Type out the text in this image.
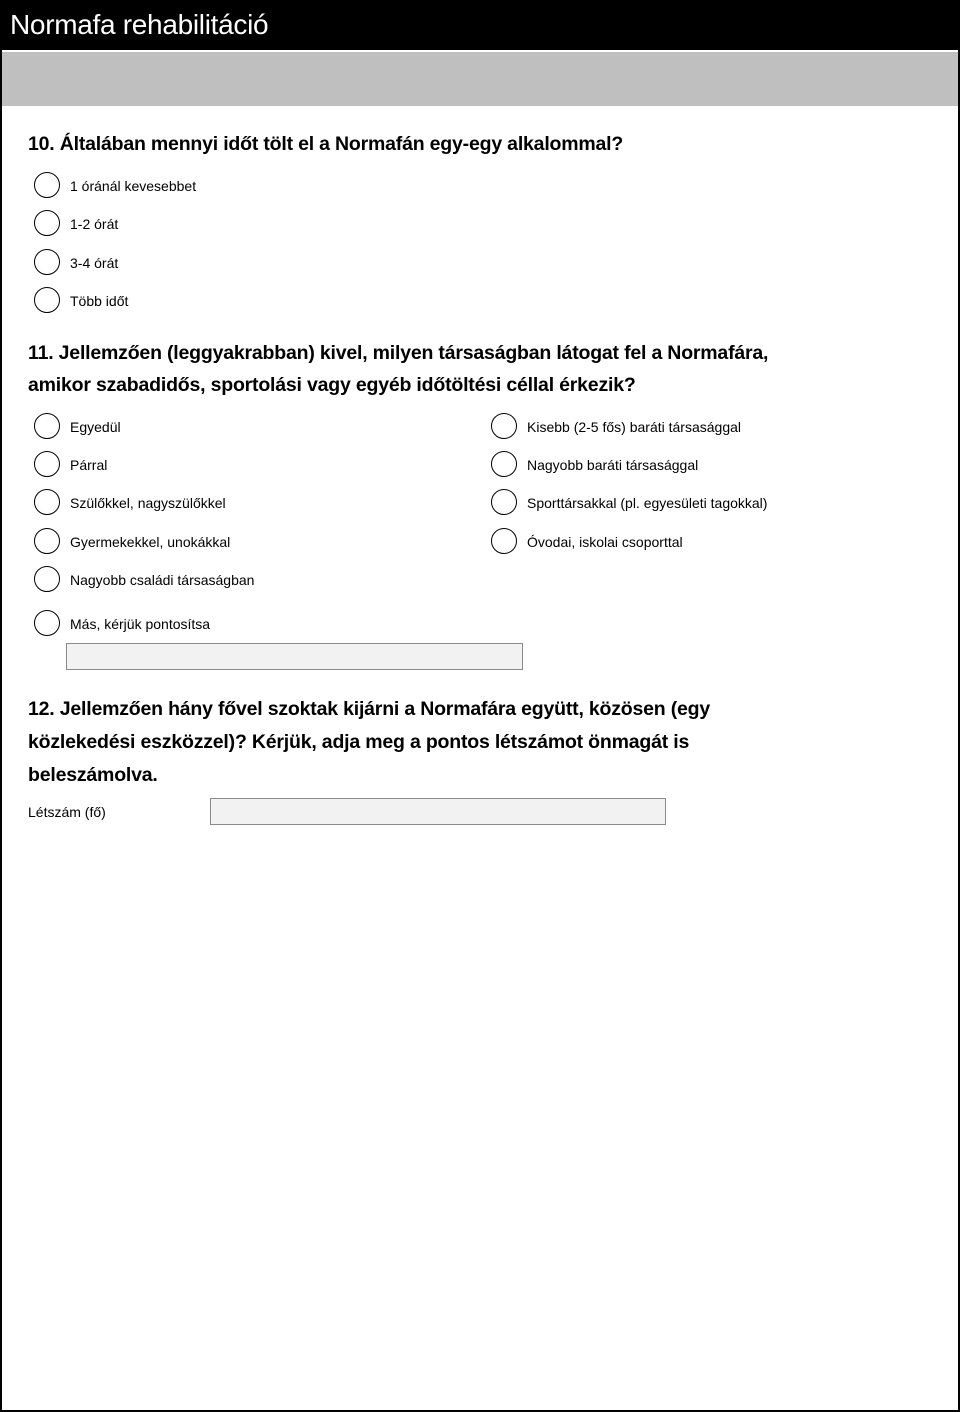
Normafa rehabilitáció
10. Általában mennyi időt tölt el a Normafán egy-egy alkalommal?
1 óránál kevesebbet
1-2 órát
3-4 órát
Több időt
11. Jellemzően (leggyakrabban) kivel, milyen társaságban látogat fel a Normafára,
amikor szabadidős, sportolási vagy egyéb időtöltési céllal érkezik?
Egyedül
Párral
Szülőkkel, nagyszülőkkel
Gyermekekkel, unokákkal
Nagyobb családi társaságban
Más, kérjük pontosítsa
Kisebb (2-5 fős) baráti társasággal
Nagyobb baráti társasággal
Sporttársakkal (pl. egyesületi tagokkal)
Óvodai, iskolai csoporttal
12. Jellemzően hány fővel szoktak kijárni a Normafára együtt, közösen (egy
közlekedési eszközzel)? Kérjük, adja meg a pontos létszámot önmagát is
beleszámolva.
Létszám (fő)
